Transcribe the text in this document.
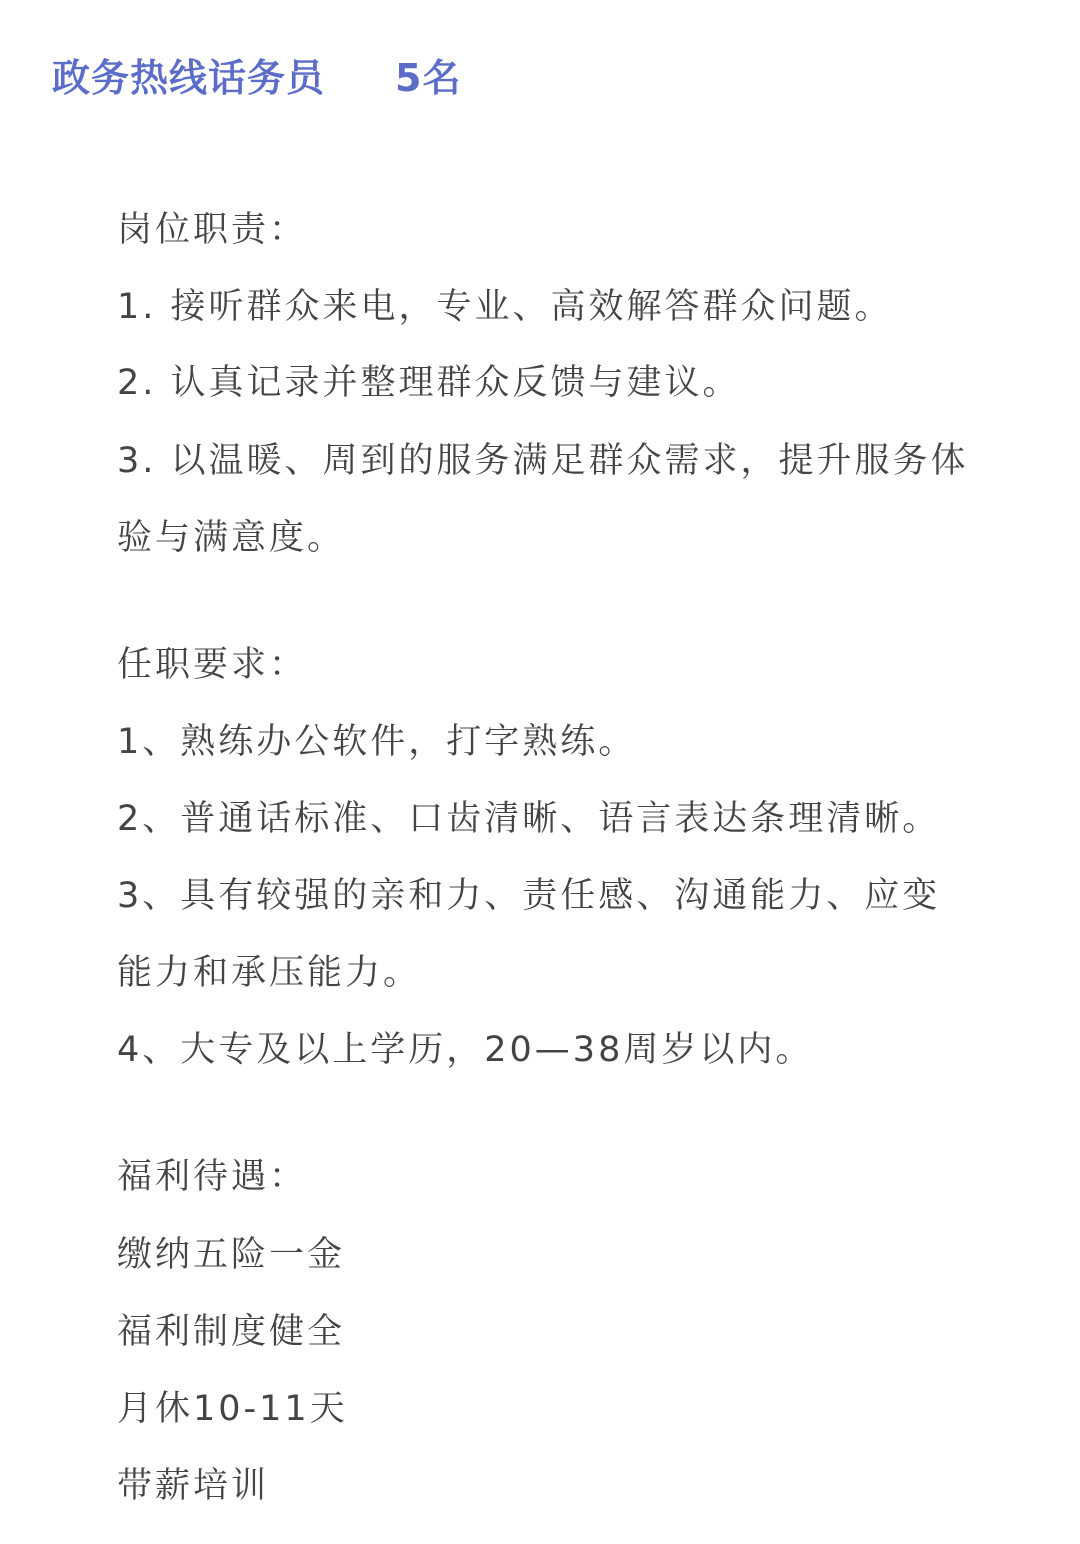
政务热线话务员 5名
岗位职责：
1. 接听群众来电，专业、高效解答群众问题。
2. 认真记录并整理群众反馈与建议。
3. 以温暖、周到的服务满足群众需求，提升服务体
验与满意度。
任职要求：
1、熟练办公软件，打字熟练。
2、普通话标准、口齿清晰、语言表达条理清晰。
3、具有较强的亲和力、责任感、沟通能力、应变
能力和承压能力。
4、大专及以上学历，20—38周岁以内。
福利待遇：
缴纳五险一金
福利制度健全
月休10-11天
带薪培训
